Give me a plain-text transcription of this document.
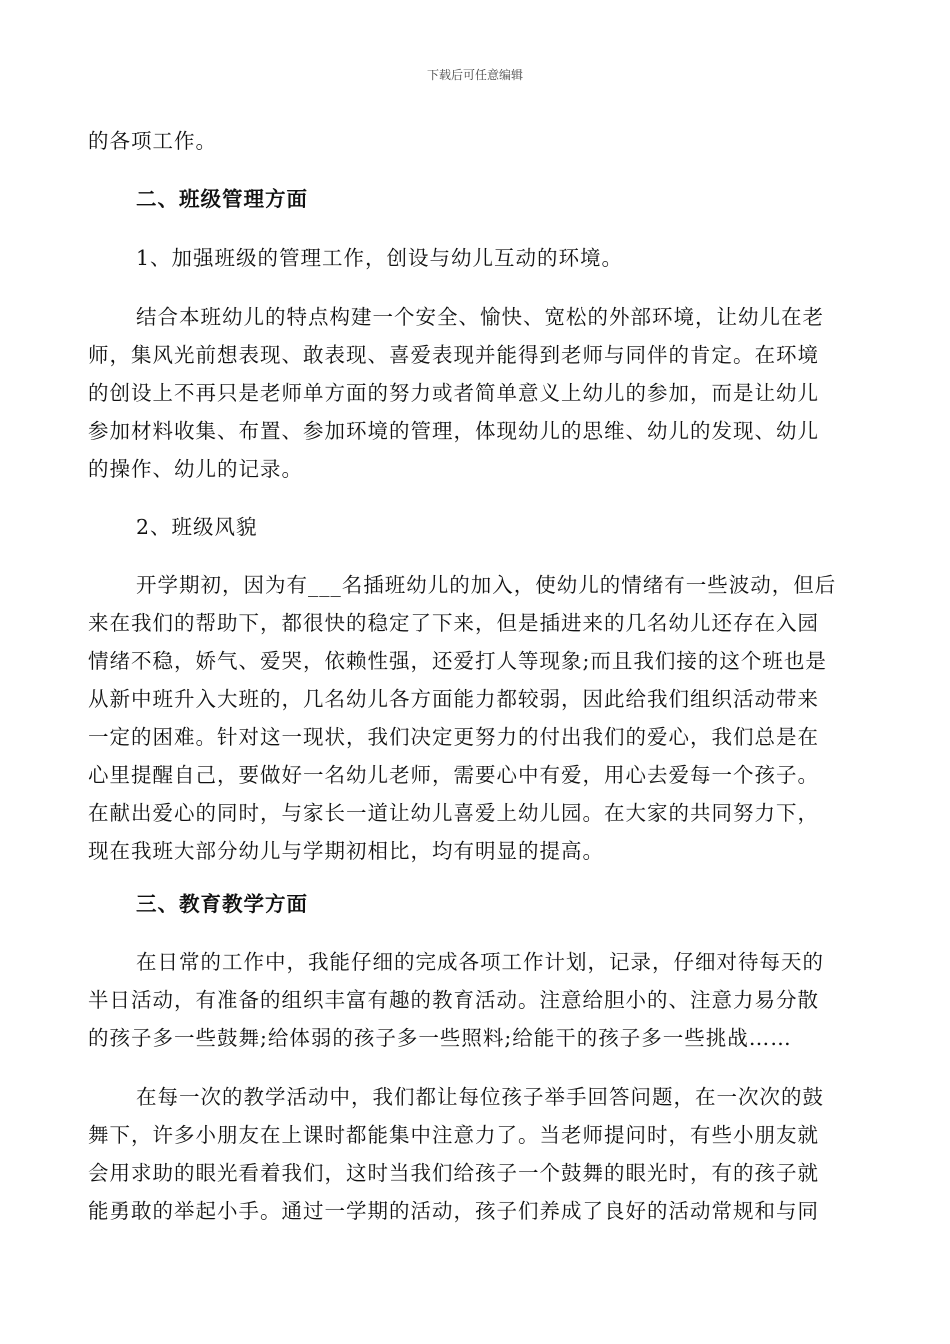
下载后可任意编辑
的各项工作。
二、班级管理方面
1、加强班级的管理工作，创设与幼儿互动的环境。
结合本班幼儿的特点构建一个安全、愉快、宽松的外部环境，让幼儿在老
师，集风光前想表现、敢表现、喜爱表现并能得到老师与同伴的肯定。在环境
的创设上不再只是老师单方面的努力或者简单意义上幼儿的参加，而是让幼儿
参加材料收集、布置、参加环境的管理，体现幼儿的思维、幼儿的发现、幼儿
的操作、幼儿的记录。
2、班级风貌
开学期初，因为有___名插班幼儿的加入，使幼儿的情绪有一些波动，但后
来在我们的帮助下，都很快的稳定了下来，但是插进来的几名幼儿还存在入园
情绪不稳，娇气、爱哭，依赖性强，还爱打人等现象;而且我们接的这个班也是
从新中班升入大班的，几名幼儿各方面能力都较弱，因此给我们组织活动带来
一定的困难。针对这一现状，我们决定更努力的付出我们的爱心，我们总是在
心里提醒自己，要做好一名幼儿老师，需要心中有爱，用心去爱每一个孩子。
在献出爱心的同时，与家长一道让幼儿喜爱上幼儿园。在大家的共同努力下，
现在我班大部分幼儿与学期初相比，均有明显的提高。
三、教育教学方面
在日常的工作中，我能仔细的完成各项工作计划，记录，仔细对待每天的
半日活动，有准备的组织丰富有趣的教育活动。注意给胆小的、注意力易分散
的孩子多一些鼓舞;给体弱的孩子多一些照料;给能干的孩子多一些挑战……
在每一次的教学活动中，我们都让每位孩子举手回答问题，在一次次的鼓
舞下，许多小朋友在上课时都能集中注意力了。当老师提问时，有些小朋友就
会用求助的眼光看着我们，这时当我们给孩子一个鼓舞的眼光时，有的孩子就
能勇敢的举起小手。通过一学期的活动，孩子们养成了良好的活动常规和与同
